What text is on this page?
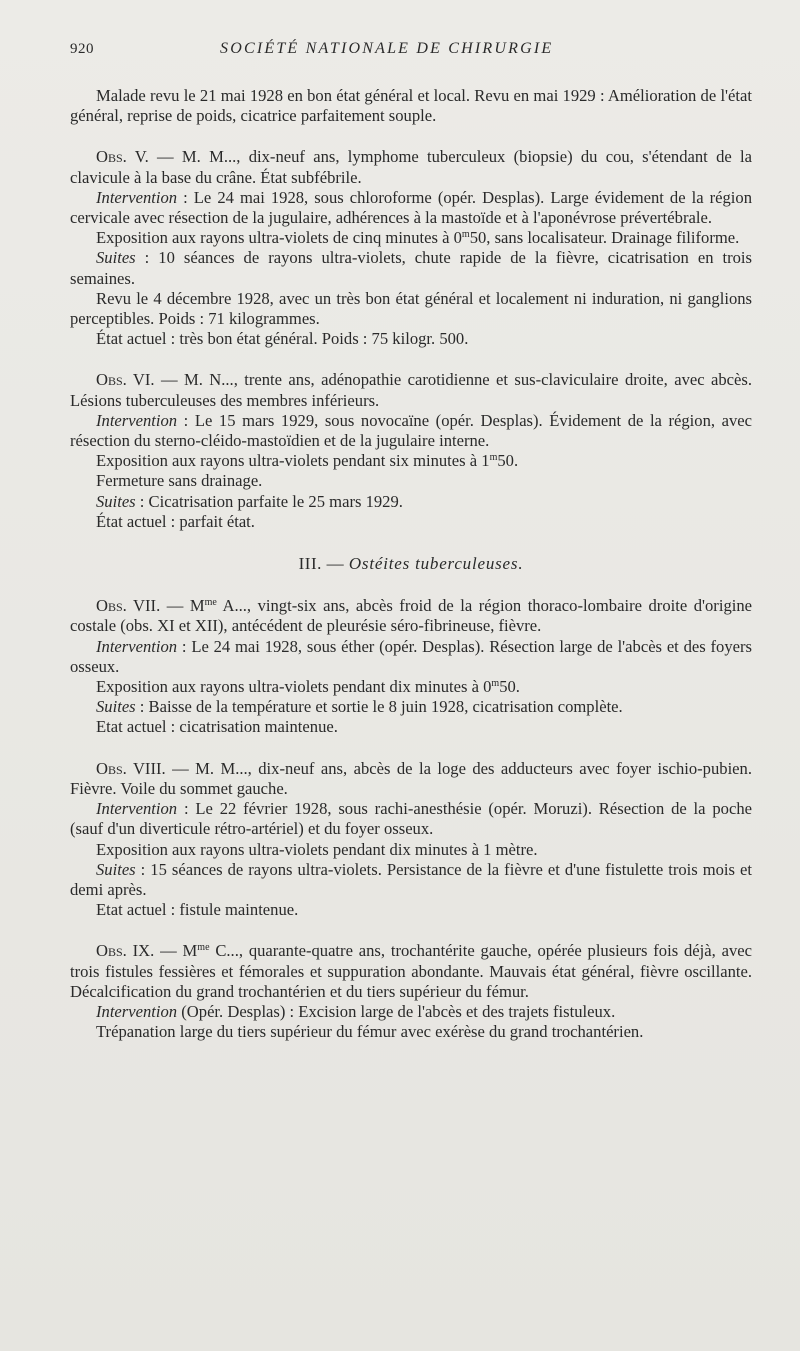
920	SOCIÉTÉ NATIONALE DE CHIRURGIE

Malade revu le 21 mai 1928 en bon état général et local. Revu en mai 1929 : Amélioration de l'état général, reprise de poids, cicatrice parfaitement souple.

Obs. V. — M. M..., dix-neuf ans, lymphome tuberculeux (biopsie) du cou, s'étendant de la clavicule à la base du crâne. État subfébrile.

Intervention : Le 24 mai 1928, sous chloroforme (opér. Desplas). Large évidement de la région cervicale avec résection de la jugulaire, adhérences à la mastoïde et à l'aponévrose prévertébrale.

Exposition aux rayons ultra-violets de cinq minutes à 0$^m$50, sans localisateur. Drainage filiforme.

Suites : 10 séances de rayons ultra-violets, chute rapide de la fièvre, cicatrisation en trois semaines.

Revu le 4 décembre 1928, avec un très bon état général et localement ni induration, ni ganglions perceptibles. Poids : 71 kilogrammes.

État actuel : très bon état général. Poids : 75 kilogr. 500.

Obs. VI. — M. N..., trente ans, adénopathie carotidienne et sus-claviculaire droite, avec abcès. Lésions tuberculeuses des membres inférieurs.

Intervention : Le 15 mars 1929, sous novocaïne (opér. Desplas). Évidement de la région, avec résection du sterno-cléido-mastoïdien et de la jugulaire interne.

Exposition aux rayons ultra-violets pendant six minutes à 1$^m$50.

Fermeture sans drainage.

Suites : Cicatrisation parfaite le 25 mars 1929.

État actuel : parfait état.

III. — Ostéites tuberculeuses.

Obs. VII. — $M^{me}$ A..., vingt-six ans, abcès froid de la région thoraco-lombaire droite d'origine costale (obs. XI et XII), antécédent de pleurésie séro-fibrineuse, fièvre.

Intervention : Le 24 mai 1928, sous éther (opér. Desplas). Résection large de l'abcès et des foyers osseux.

Exposition aux rayons ultra-violets pendant dix minutes à 0$^m$50.

Suites : Baisse de la température et sortie le 8 juin 1928, cicatrisation complète.

Etat actuel : cicatrisation maintenue.

Obs. VIII. — M. M..., dix-neuf ans, abcès de la loge des adducteurs avec foyer ischio-pubien. Fièvre. Voile du sommet gauche.

Intervention : Le 22 février 1928, sous rachi-anesthésie (opér. Moruzi). Résection de la poche (sauf d'un diverticule rétro-artériel) et du foyer osseux.

Exposition aux rayons ultra-violets pendant dix minutes à 1 mètre.

Suites : 15 séances de rayons ultra-violets. Persistance de la fièvre et d'une fistulette trois mois et demi après.

Etat actuel : fistule maintenue.

Obs. IX. — $M^{me}$ C..., quarante-quatre ans, trochantérite gauche, opérée plusieurs fois déjà, avec trois fistules fessières et fémorales et suppuration abondante. Mauvais état général, fièvre oscillante. Décalcification du grand trochantérien et du tiers supérieur du fémur.

Intervention (Opér. Desplas) : Excision large de l'abcès et des trajets fistuleux.

Trépanation large du tiers supérieur du fémur avec exérèse du grand trochantérien.
